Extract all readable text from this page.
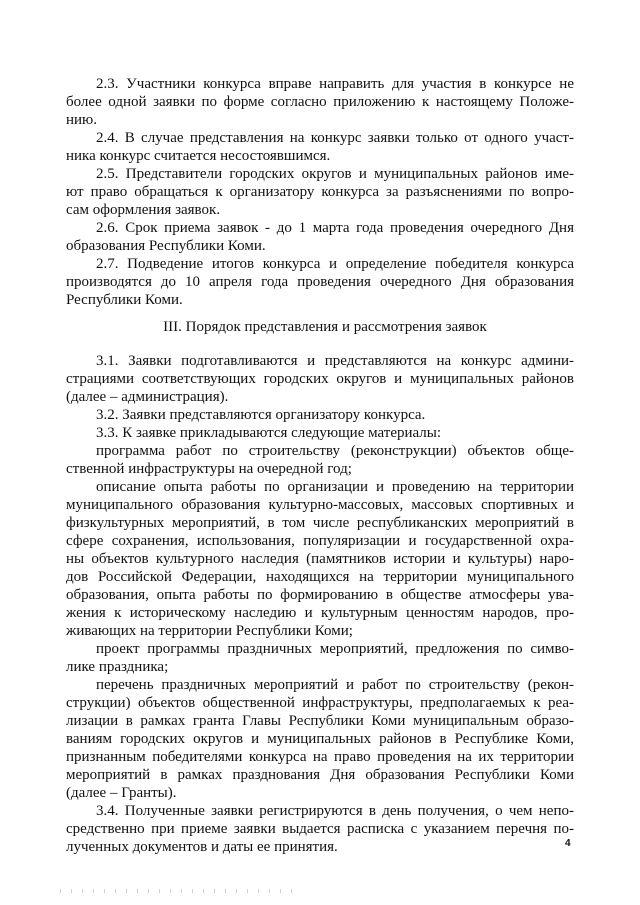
2.3. Участники конкурса вправе направить для участия в конкурсе не
более одной заявки по форме согласно приложению к настоящему Положе-
нию.
2.4. В случае представления на конкурс заявки только от одного участ-
ника конкурс считается несостоявшимся.
2.5. Представители городских округов и муниципальных районов име-
ют право обращаться к организатору конкурса за разъяснениями по вопро-
сам оформления заявок.
2.6. Срок приема заявок - до 1 марта года проведения очередного Дня
образования Республики Коми.
2.7. Подведение итогов конкурса и определение победителя конкурса
производятся до 10 апреля года проведения очередного Дня образования
Республики Коми.
III. Порядок представления и рассмотрения заявок
3.1. Заявки подготавливаются и представляются на конкурс админи-
страциями соответствующих городских округов и муниципальных районов
(далее – администрация).
3.2. Заявки представляются организатору конкурса.
3.3. К заявке прикладываются следующие материалы:
программа работ по строительству (реконструкции) объектов обще-
ственной инфраструктуры на очередной год;
описание опыта работы по организации и проведению на территории
муниципального образования культурно-массовых, массовых спортивных и
физкультурных мероприятий, в том числе республиканских мероприятий в
сфере сохранения, использования, популяризации и государственной охра-
ны объектов культурного наследия (памятников истории и культуры) наро-
дов Российской Федерации, находящихся на территории муниципального
образования, опыта работы по формированию в обществе атмосферы ува-
жения к историческому наследию и культурным ценностям народов, про-
живающих на территории Республики Коми;
проект программы праздничных мероприятий, предложения по симво-
лике праздника;
перечень праздничных мероприятий и работ по строительству (рекон-
струкции) объектов общественной инфраструктуры, предполагаемых к реа-
лизации в рамках гранта Главы Республики Коми муниципальным образо-
ваниям городских округов и муниципальных районов в Республике Коми,
признанным победителями конкурса на право проведения на их территории
мероприятий в рамках празднования Дня образования Республики Коми
(далее – Гранты).
3.4. Полученные заявки регистрируются в день получения, о чем непо-
средственно при приеме заявки выдается расписка с указанием перечня по-
лученных документов и даты ее принятия.	4
